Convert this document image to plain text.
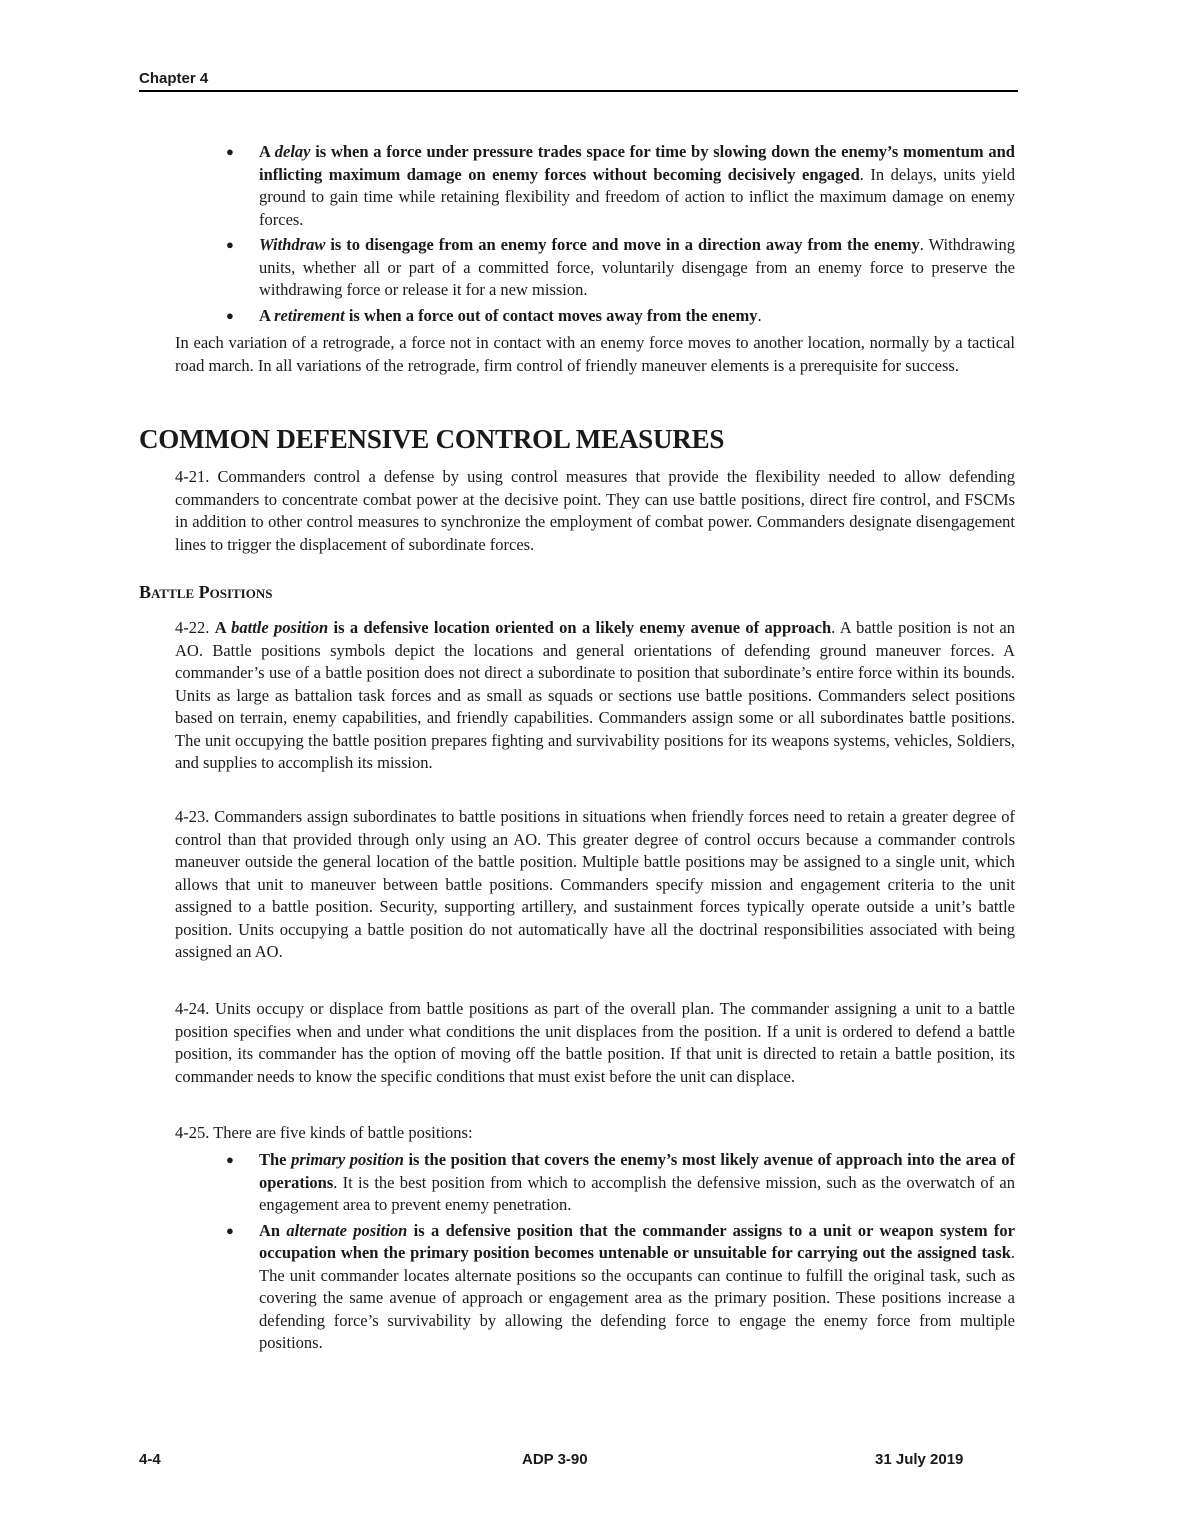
Chapter 4
● A delay is when a force under pressure trades space for time by slowing down the enemy’s momentum and inflicting maximum damage on enemy forces without becoming decisively engaged. In delays, units yield ground to gain time while retaining flexibility and freedom of action to inflict the maximum damage on enemy forces.
● Withdraw is to disengage from an enemy force and move in a direction away from the enemy. Withdrawing units, whether all or part of a committed force, voluntarily disengage from an enemy force to preserve the withdrawing force or release it for a new mission.
● A retirement is when a force out of contact moves away from the enemy.

In each variation of a retrograde, a force not in contact with an enemy force moves to another location, normally by a tactical road march. In all variations of the retrograde, firm control of friendly maneuver elements is a prerequisite for success.

COMMON DEFENSIVE CONTROL MEASURES

4-21. Commanders control a defense by using control measures that provide the flexibility needed to allow defending commanders to concentrate combat power at the decisive point. They can use battle positions, direct fire control, and FSCMs in addition to other control measures to synchronize the employment of combat power. Commanders designate disengagement lines to trigger the displacement of subordinate forces.

Battle Positions

4-22. A battle position is a defensive location oriented on a likely enemy avenue of approach. A battle position is not an AO. Battle positions symbols depict the locations and general orientations of defending ground maneuver forces. A commander’s use of a battle position does not direct a subordinate to position that subordinate’s entire force within its bounds. Units as large as battalion task forces and as small as squads or sections use battle positions. Commanders select positions based on terrain, enemy capabilities, and friendly capabilities. Commanders assign some or all subordinates battle positions. The unit occupying the battle position prepares fighting and survivability positions for its weapons systems, vehicles, Soldiers, and supplies to accomplish its mission.

4-23. Commanders assign subordinates to battle positions in situations when friendly forces need to retain a greater degree of control than that provided through only using an AO. This greater degree of control occurs because a commander controls maneuver outside the general location of the battle position. Multiple battle positions may be assigned to a single unit, which allows that unit to maneuver between battle positions. Commanders specify mission and engagement criteria to the unit assigned to a battle position. Security, supporting artillery, and sustainment forces typically operate outside a unit’s battle position. Units occupying a battle position do not automatically have all the doctrinal responsibilities associated with being assigned an AO.

4-24. Units occupy or displace from battle positions as part of the overall plan. The commander assigning a unit to a battle position specifies when and under what conditions the unit displaces from the position. If a unit is ordered to defend a battle position, its commander has the option of moving off the battle position. If that unit is directed to retain a battle position, its commander needs to know the specific conditions that must exist before the unit can displace.

4-25. There are five kinds of battle positions:

● The primary position is the position that covers the enemy’s most likely avenue of approach into the area of operations. It is the best position from which to accomplish the defensive mission, such as the overwatch of an engagement area to prevent enemy penetration.
● An alternate position is a defensive position that the commander assigns to a unit or weapon system for occupation when the primary position becomes untenable or unsuitable for carrying out the assigned task. The unit commander locates alternate positions so the occupants can continue to fulfill the original task, such as covering the same avenue of approach or engagement area as the primary position. These positions increase a defending force’s survivability by allowing the defending force to engage the enemy force from multiple positions.
4-4	ADP 3-90	31 July 2019
